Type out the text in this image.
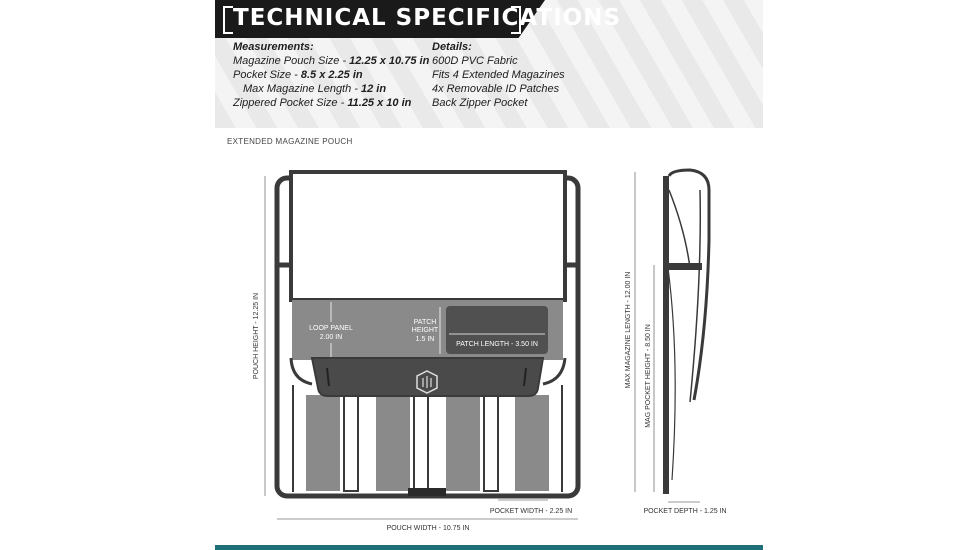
TECHNICAL SPECIFICATIONS
Measurements:
Magazine Pouch Size - 12.25 x 10.75 in
Pocket Size - 8.5 x 2.25 in
Max Magazine Length - 12 in
Zippered Pocket Size - 11.25 x 10 in
Details:
600D PVC Fabric
Fits 4 Extended Magazines
4x Removable ID Patches
Back Zipper Pocket
EXTENDED MAGAZINE POUCH
LOOP PANEL
2.00 IN
PATCH
HEIGHT
1.5 IN
PATCH LENGTH - 3.50 IN
POUCH HEIGHT - 12.25 IN
POCKET WIDTH - 2.25 IN
POUCH WIDTH - 10.75 IN
MAX MAGAZINE LENGTH - 12.00 IN MAG POCKET HEIGHT - 8.50 IN
POCKET DEPTH - 1.25 IN
